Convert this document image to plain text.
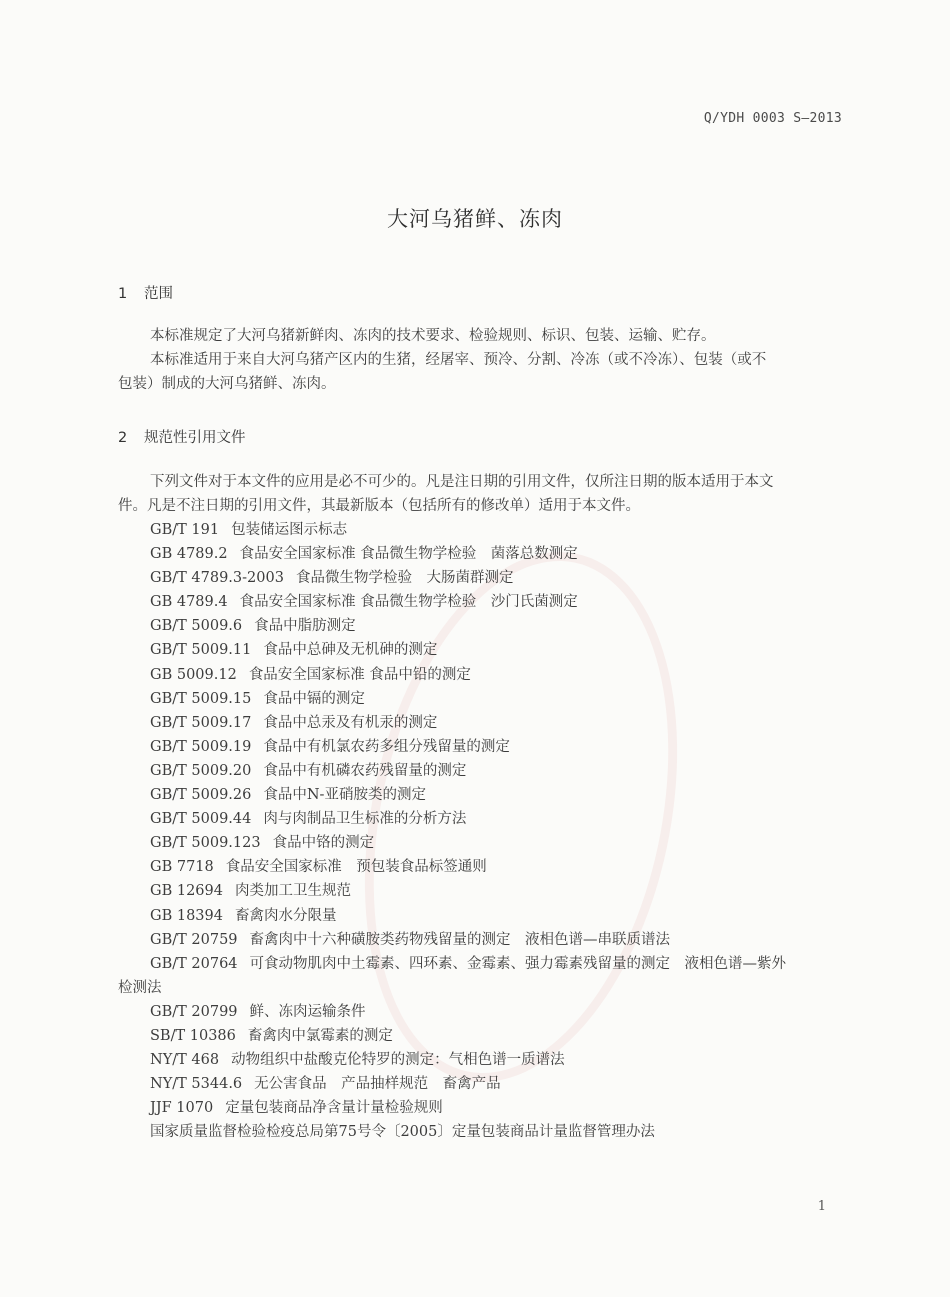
Q/YDH 0003 S—2013
大河乌猪鲜、冻肉
1 范围
本标准规定了大河乌猪新鲜肉、冻肉的技术要求、检验规则、标识、包装、运输、贮存。
本标准适用于来自大河乌猪产区内的生猪，经屠宰、预冷、分割、冷冻（或不冷冻）、包装（或不
包装）制成的大河乌猪鲜、冻肉。
2 规范性引用文件
下列文件对于本文件的应用是必不可少的。凡是注日期的引用文件，仅所注日期的版本适用于本文
件。凡是不注日期的引用文件，其最新版本（包括所有的修改单）适用于本文件。
GB/T 191 包装储运图示标志
GB 4789.2 食品安全国家标准 食品微生物学检验　菌落总数测定
GB/T 4789.3-2003 食品微生物学检验　大肠菌群测定
GB 4789.4 食品安全国家标准 食品微生物学检验　沙门氏菌测定
GB/T 5009.6 食品中脂肪测定
GB/T 5009.11 食品中总砷及无机砷的测定
GB 5009.12 食品安全国家标准 食品中铅的测定
GB/T 5009.15 食品中镉的测定
GB/T 5009.17 食品中总汞及有机汞的测定
GB/T 5009.19 食品中有机氯农药多组分残留量的测定
GB/T 5009.20 食品中有机磷农药残留量的测定
GB/T 5009.26 食品中N-亚硝胺类的测定
GB/T 5009.44 肉与肉制品卫生标准的分析方法
GB/T 5009.123 食品中铬的测定
GB 7718 食品安全国家标准　预包装食品标签通则
GB 12694 肉类加工卫生规范
GB 18394 畜禽肉水分限量
GB/T 20759 畜禽肉中十六种磺胺类药物残留量的测定　液相色谱—串联质谱法
GB/T 20764 可食动物肌肉中土霉素、四环素、金霉素、强力霉素残留量的测定　液相色谱—紫外
检测法
GB/T 20799 鲜、冻肉运输条件
SB/T 10386 畜禽肉中氯霉素的测定
NY/T 468 动物组织中盐酸克伦特罗的测定：气相色谱一质谱法
NY/T 5344.6 无公害食品　产品抽样规范　畜禽产品
JJF 1070 定量包装商品净含量计量检验规则
国家质量监督检验检疫总局第75号令〔2005〕定量包装商品计量监督管理办法
1
